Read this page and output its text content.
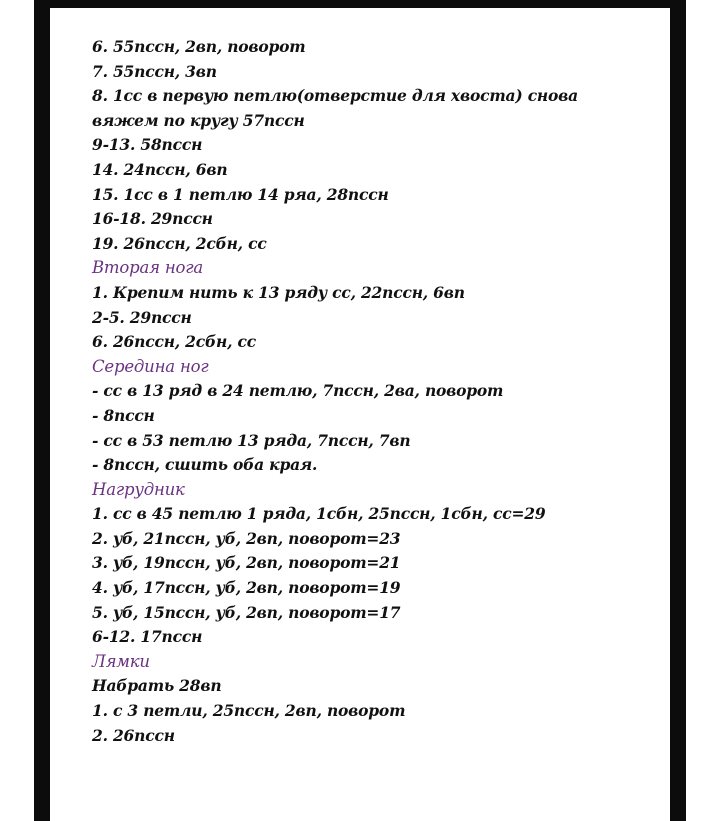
6. 55пссн, 2вп, поворот
7. 55пссн, 3вп
8. 1сс в первую петлю(отверстие для хвоста) снова
вяжем по кругу 57пссн
9-13. 58пссн
14. 24пссн, 6вп
15. 1сс в 1 петлю 14 ряа, 28пссн
16-18. 29пссн
19. 26пссн, 2сбн, сс
Вторая нога
1. Крепим нить к 13 ряду сс, 22пссн, 6вп
2-5. 29пссн
6. 26пссн, 2сбн, сс
Середина ног
- сс в 13 ряд в 24 петлю, 7пссн, 2ва, поворот
- 8пссн
- сс в 53 петлю 13 ряда, 7пссн, 7вп
- 8пссн, сшить оба края.
Нагрудник
1. сс в 45 петлю 1 ряда, 1сбн, 25пссн, 1сбн, сс=29
2. уб, 21пссн, уб, 2вп, поворот=23
3. уб, 19пссн, уб, 2вп, поворот=21
4. уб, 17пссн, уб, 2вп, поворот=19
5. уб, 15пссн, уб, 2вп, поворот=17
6-12. 17пссн
Лямки
Набрать 28вп
1. с 3 петли, 25пссн, 2вп, поворот
2. 26пссн
